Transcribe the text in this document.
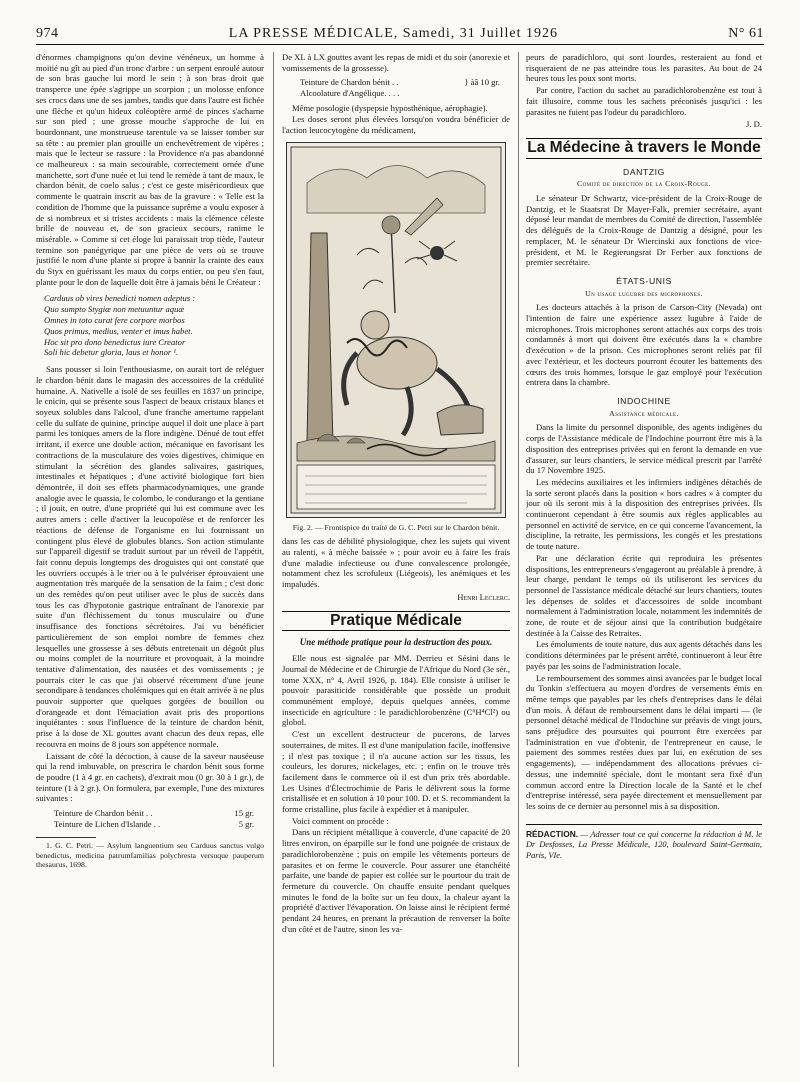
974	LA PRESSE MÉDICALE, Samedi, 31 Juillet 1926	N° 61

d'énormes champignons qu'on devine vénéneux, un homme à moitié nu gît au pied d'un tronc d'arbre : un serpent enroulé autour de son bras gauche lui mord le sein ; à son bras droit que transperce une épée s'agrippe un scorpion ; un molosse enfonce ses crocs dans une de ses jambes, tandis que dans l'autre est fichée une flèche et qu'un hideux coléoptère armé de pinces s'acharne sur son pied ; une grosse mouche s'approche de lui en bourdonnant, une monstrueuse tarentule va se laisser tomber sur sa tête : au premier plan grouille un enchevêtrement de vipères ; mais que le lecteur se rassure : la Providence n'a pas abandonné ce malheureux : sa main secourable, correctement ornée d'une manchette, sort d'une nuée et lui tend le remède à tant de maux, le chardon bénit, de coelo salus ; c'est ce geste miséricordieux que commente le quatrain inscrit au bas de la gravure : « Telle est la condition de l'homme que la puissance suprême a voulu exposer à de si nombreux et si tristes accidents : mais la clémence céleste brille de nouveau et, de son gracieux secours, ranime le misérable. » Comme si cet éloge lui paraissait trop tiède, l'auteur termine son panégyrique par une pièce de vers où se trouve justifié le nom d'une plante si propre à bannir la crainte des eaux du Styx en guérissant les maux du corps entier, ou peu s'en faut, plante pour le don de laquelle doit être à jamais béni le Créateur :

Carduus ob vires benedicti nomen adeptus :
Quo sumpto Stygiæ non metuuntur aquæ
Omnes in toto curat fere corpore morbos
Quos primus, medius, venter et imus habet.
Hoc sit pro dono benedictus iure Creator
Soli hic debetur gloria, laus et honor ¹.

Sans pousser si loin l'enthousiasme, on aurait tort de reléguer le chardon bénit dans le magasin des accessoires de la crédulité humaine. A. Nativelle a isolé de ses feuilles en 1837 un principe, le cnicin, qui se présente sous l'aspect de beaux cristaux blancs et soyeux solubles dans l'alcool, d'une franche amertume rappelant celle du sulfate de quinine, principe auquel il doit une place à part parmi les toniques amers de la flore indigène. Dénué de tout effet irritant, il exerce une double action, mécanique en favorisant les contractions de la musculature des voies digestives, chimique en stimulant la sécrétion des glandes salivaires, gastriques, intestinales et hépatiques ; d'une activité biologique fort bien démontrée, il doit ses effets pharmacodynamiques, une grande analogie avec le quassia, le colombo, le condurango et la gentiane ; il jouit, en outre, d'une propriété qui lui est commune avec les autres amers : celle d'activer la leucopoïèse et de renforcer les réactions de défense de l'organisme en lui fournissant un contingent plus élevé de globules blancs. Son action stimulante sur l'appareil digestif se traduit surtout par un réveil de l'appétit, fait connu depuis longtemps des droguistes qui ont constaté que les ouvriers occupés à le trier ou à le pulvériser éprouvaient une augmentation très marquée de la sensation de la faim ; c'est donc un des remèdes qu'on peut utiliser avec le plus de succès dans tous les cas d'hypotonie gastrique entraînant de l'anorexie par suite d'un fléchissement du tonus musculaire ou d'une insuffisance des fonctions sécrétoires. J'ai vu bénéficier particulièrement de son emploi nombre de femmes chez lesquelles une grossesse à ses débuts entretenait un dégoût plus ou moins complet de la nourriture et provoquait, à la moindre tentative d'alimentation, des nausées et des vomissements ; je pourrais citer le cas que j'ai observé récemment d'une jeune secondipare à tendances cholémiques qui en était arrivée à ne plus pouvoir supporter que quelques gorgées de bouillon ou d'orangeade et dont l'émaciation avait pris des proportions inquiétantes : sous l'influence de la teinture de chardon bénit, prise à la dose de XL gouttes avant chacun des deux repas, elle recouvra en moins de 8 jours son appétence normale.

Laissant de côté la décoction, à cause de la saveur nauséeuse qui la rend imbuvable, on prescrira le chardon bénit sous forme de poudre (1 à 4 gr. en cachets), d'extrait mou (0 gr. 30 à 1 gr.), de teinture (1 à 2 gr.). On formulera, par exemple, l'une des mixtures suivantes :

Teinture de Chardon bénit . .	15 gr.
Teinture de Lichen d'Islande . .	5 gr.

1. G. C. Petri. — Asylum languentium seu Carduus sanctus vulgo benedictus, medicina patrumfamilias polychresta versuque pauperum thesaurus, 1698.

De XL à LX gouttes avant les repas de midi et du soir (anorexie et vomissements de la grossesse).

Teinture de Chardon bénit . .	} àâ 10 gr.
Alcoolature d'Angélique. . . .

Même posologie (dyspepsie hyposthénique, aérophagie).

Les doses seront plus élevées lorsqu'on voudra bénéficier de l'action leucocytogène du médicament,

Fig. 2. — Frontispice du traité de G. C. Petri sur le Chardon bénit.

dans les cas de débilité physiologique, chez les sujets qui vivent au ralenti, « à mèche baissée » ; pour avoir eu à faire les frais d'une maladie infectieuse ou d'une convalescence prolongée, notamment chez les scrofuleux (Liégeois), les anémiques et les impaludés.

Henri Leclerc.
Pratique Médicale
Une méthode pratique pour la destruction des poux.

Elle nous est signalée par MM. Derrieu et Sésini dans le Journal de Médecine et de Chirurgie de l'Afrique du Nord (3e sér., tome XXX, n° 4, Avril 1926, p. 184). Elle consiste à utiliser le pouvoir parasiticide considérable que possède un produit communément employé, depuis quelques années, comme insecticide en agriculture : le paradichlorobenzène (C⁶H⁴Cl²) ou globol.

C'est un excellent destructeur de pucerons, de larves souterraines, de mites. Il est d'une manipulation facile, inoffensive ; il n'est pas toxique ; il n'a aucune action sur les tissus, les couleurs, les dorures, nickelages, etc. ; enfin on le trouve très facilement dans le commerce où il est d'un prix très abordable. Les Usines d'Électrochimie de Paris le délivrent sous la forme cristallisée et en solution à 10 pour 100. D. et S. recommandent la forme cristalline, plus facile à expédier et à manipuler.

Voici comment on procède :

Dans un récipient métallique à couvercle, d'une capacité de 20 litres environ, on éparpille sur le fond une poignée de cristaux de paradichlorobenzène ; puis on empile les vêtements porteurs de parasites et on ferme le couvercle. Pour assurer une étanchéité parfaite, une bande de papier est collée sur le pourtour du trait de fermeture du couvercle. On chauffe ensuite pendant quelques minutes le fond de la boîte sur un feu doux, la chaleur ayant la propriété d'activer l'évaporation. On laisse ainsi le récipient fermé pendant 24 heures, en prenant la précaution de renverser la boîte d'un côté et de l'autre, sinon les va-

peurs de paradichloro, qui sont lourdes, resteraient au fond et risqueraient de ne pas atteindre tous les parasites. Au bout de 24 heures tous les poux sont morts.

Par contre, l'action du sachet au paradichlorobenzène est tout à fait illusoire, comme tous les sachets préconisés jusqu'ici : les parasites ne fuient pas l'odeur du paradichloro.

J. D.
La Médecine à travers le Monde
DANTZIG
Comité de direction de la Croix-Rouge.

Le sénateur Dr Schwartz, vice-président de la Croix-Rouge de Dantzig, et le Staatsrat Dr Mayer-Falk, premier secrétaire, ayant déposé leur mandat de membres du Comité de direction, l'assemblée des délégués de la Croix-Rouge de Dantzig a désigné, pour les remplacer, M. le sénateur Dr Wiercinski aux fonctions de vice-président, et M. le Regierungsrat Dr Ferber aux fonctions de premier secrétaire.

ÉTATS-UNIS
Un usage lugubre des microphones.

Les docteurs attachés à la prison de Carson-City (Nevada) ont l'intention de faire une expérience assez lugubre à l'aide de microphones. Trois microphones seront attachés aux corps des trois condamnés à mort qui doivent être exécutés dans la « chambre d'exécution » de la prison. Ces microphones seront reliés par fil avec l'extérieur, et les docteurs pourront écouter les battements des cœurs des trois hommes, lorsque le gaz employé pour l'exécution entrera dans la chambre.

INDOCHINE
Assistance médicale.

Dans la limite du personnel disponible, des agents indigènes du corps de l'Assistance médicale de l'Indochine pourront être mis à la disposition des entreprises privées qui en feront la demande en vue d'assurer, sur leurs chantiers, le service médical prescrit par l'arrêté du 17 Novembre 1925.

Les médecins auxiliaires et les infirmiers indigènes détachés de la sorte seront placés dans la position « hors cadres » à compter du jour où ils seront mis à la disposition des entreprises privées. Ils continueront cependant à être soumis aux règles applicables au personnel en activité de service, en ce qui concerne l'avancement, la discipline, la retraite, les permissions, les congés et les prestations de toute nature.

Par une déclaration écrite qui reproduira les présentes dispositions, les entrepreneurs s'engageront au préalable à prendre, à leur charge, pendant le temps où ils utiliseront les services du personnel de l'assistance médicale détaché sur leurs chantiers, toutes les dépenses de soldes et d'accessoires de solde incombant normalement à l'administration locale, notamment les indemnités de zone, de route et de séjour ainsi que la contribution budgétaire destinée à la Caisse des Retraites.

Les émoluments de toute nature, dus aux agents détachés dans les conditions déterminées par le présent arrêté, continueront à leur être payés par les soins de l'administration locale.

Le remboursement des sommes ainsi avancées par le budget local du Tonkin s'effectuera au moyen d'ordres de versements émis en même temps que payables par les chefs d'entreprises dans le délai d'un mois. À défaut de remboursement dans le délai imparti — (le personnel détaché médical de l'Indochine sur préavis de vingt jours, sans préjudice des poursuites qui pourront être exercées par l'administration en vue d'obtenir, de l'entrepreneur en cause, le paiement des sommes restées dues par lui, en exécution de ses engagements), — indépendamment des allocations prévues ci-dessus, une indemnité spéciale, dont le montant sera fixé d'un commun accord entre la Direction locale de la Santé et le chef d'entreprise intéressé, sera payée directement et mensuellement par les soins de ce dernier au personnel mis à sa disposition.

RÉDACTION. — Adresser tout ce qui concerne la rédaction à M. le Dr Desfosses, La Presse Médicale, 120, boulevard Saint-Germain, Paris, VIe.
